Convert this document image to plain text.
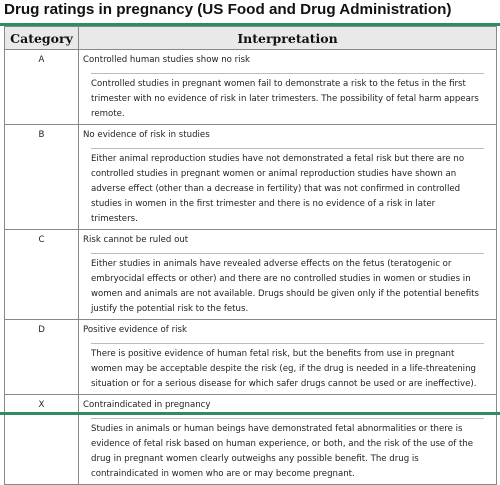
Drug ratings in pregnancy (US Food and Drug Administration)
Category	Interpretation
A	Controlled human studies show no risk

	Controlled studies in pregnant women fail to demonstrate a risk to the fetus in the first trimester with no evidence of risk in later trimesters. The possibility of fetal harm appears remote.

B	No evidence of risk in studies

	Either animal reproduction studies have not demonstrated a fetal risk but there are no controlled studies in pregnant women or animal reproduction studies have shown an adverse effect (other than a decrease in fertility) that was not confirmed in controlled studies in women in the first trimester and there is no evidence of a risk in later trimesters.

C	Risk cannot be ruled out

	Either studies in animals have revealed adverse effects on the fetus (teratogenic or embryocidal effects or other) and there are no controlled studies in women or studies in women and animals are not available. Drugs should be given only if the potential benefits justify the potential risk to the fetus.

D	Positive evidence of risk

	There is positive evidence of human fetal risk, but the benefits from use in pregnant women may be acceptable despite the risk (eg, if the drug is needed in a life-threatening situation or for a serious disease for which safer drugs cannot be used or are ineffective).

X	Contraindicated in pregnancy

	Studies in animals or human beings have demonstrated fetal abnormalities or there is evidence of fetal risk based on human experience, or both, and the risk of the use of the drug in pregnant women clearly outweighs any possible benefit. The drug is contraindicated in women who are or may become pregnant.
